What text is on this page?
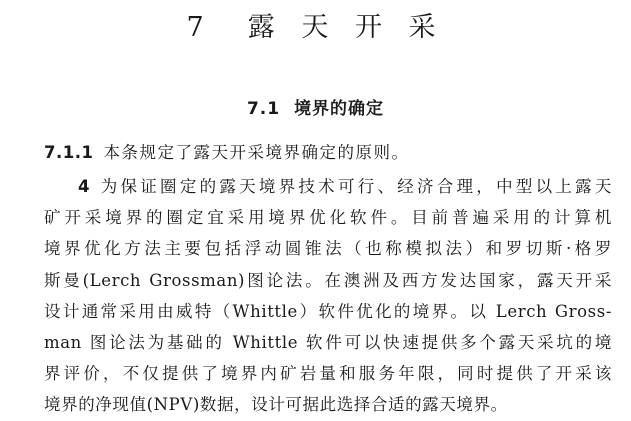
7 露 天 开 采
7.1 境界的确定
7.1.1 本条规定了露天开采境界确定的原则。
4 为保证圈定的露天境界技术可行、经济合理，中型以上露天
矿开采境界的圈定宜采用境界优化软件。目前普遍采用的计算机
境界优化方法主要包括浮动圆锥法（也称模拟法）和罗切斯·格罗
斯曼(Lerch Grossman)图论法。在澳洲及西方发达国家，露天开采
设计通常采用由威特（Whittle）软件优化的境界。以 Lerch Gross-
man 图论法为基础的 Whittle 软件可以快速提供多个露天采坑的境
界评价，不仅提供了境界内矿岩量和服务年限，同时提供了开采该
境界的净现值(NPV)数据，设计可据此选择合适的露天境界。
